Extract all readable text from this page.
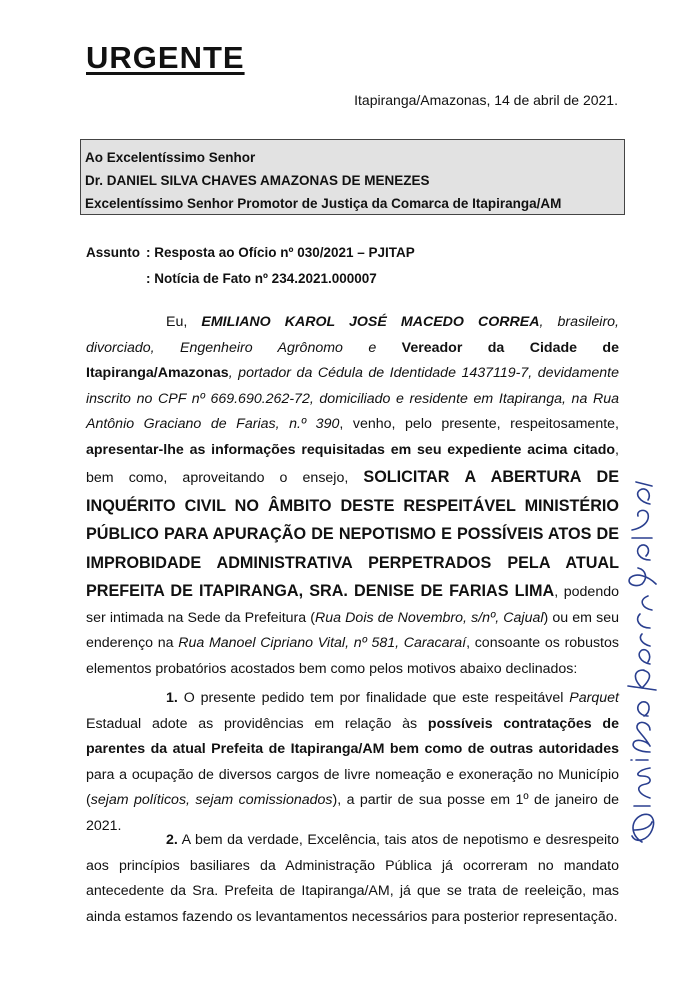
URGENTE
Itapiranga/Amazonas, 14 de abril de 2021.
Ao Excelentíssimo Senhor
Dr. DANIEL SILVA CHAVES AMAZONAS DE MENEZES
Excelentíssimo Senhor Promotor de Justiça da Comarca de Itapiranga/AM
Assunto : Resposta ao Ofício nº 030/2021 – PJITAP
: Notícia de Fato nº 234.2021.000007
Eu, EMILIANO KAROL JOSÉ MACEDO CORREA, brasileiro, divorciado, Engenheiro Agrônomo e Vereador da Cidade de Itapiranga/Amazonas, portador da Cédula de Identidade 1437119-7, devidamente inscrito no CPF nº 669.690.262-72, domiciliado e residente em Itapiranga, na Rua Antônio Graciano de Farias, n.º 390, venho, pelo presente, respeitosamente, apresentar-lhe as informações requisitadas em seu expediente acima citado, bem como, aproveitando o ensejo, SOLICITAR A ABERTURA DE INQUÉRITO CIVIL NO ÂMBITO DESTE RESPEITÁVEL MINISTÉRIO PÚBLICO PARA APURAÇÃO DE NEPOTISMO E POSSÍVEIS ATOS DE IMPROBIDADE ADMINISTRATIVA PERPETRADOS PELA ATUAL PREFEITA DE ITAPIRANGA, SRA. DENISE DE FARIAS LIMA, podendo ser intimada na Sede da Prefeitura (Rua Dois de Novembro, s/nº, Cajual) ou em seu enderenço na Rua Manoel Cipriano Vital, nº 581, Caracaraí, consoante os robustos elementos probatórios acostados bem como pelos motivos abaixo declinados:
1. O presente pedido tem por finalidade que este respeitável Parquet Estadual adote as providências em relação às possíveis contratações de parentes da atual Prefeita de Itapiranga/AM bem como de outras autoridades para a ocupação de diversos cargos de livre nomeação e exoneração no Município (sejam políticos, sejam comissionados), a partir de sua posse em 1º de janeiro de 2021.
2. A bem da verdade, Excelência, tais atos de nepotismo e desrespeito aos princípios basiliares da Administração Pública já ocorreram no mandato antecedente da Sra. Prefeita de Itapiranga/AM, já que se trata de reeleição, mas ainda estamos fazendo os levantamentos necessários para posterior representação.
